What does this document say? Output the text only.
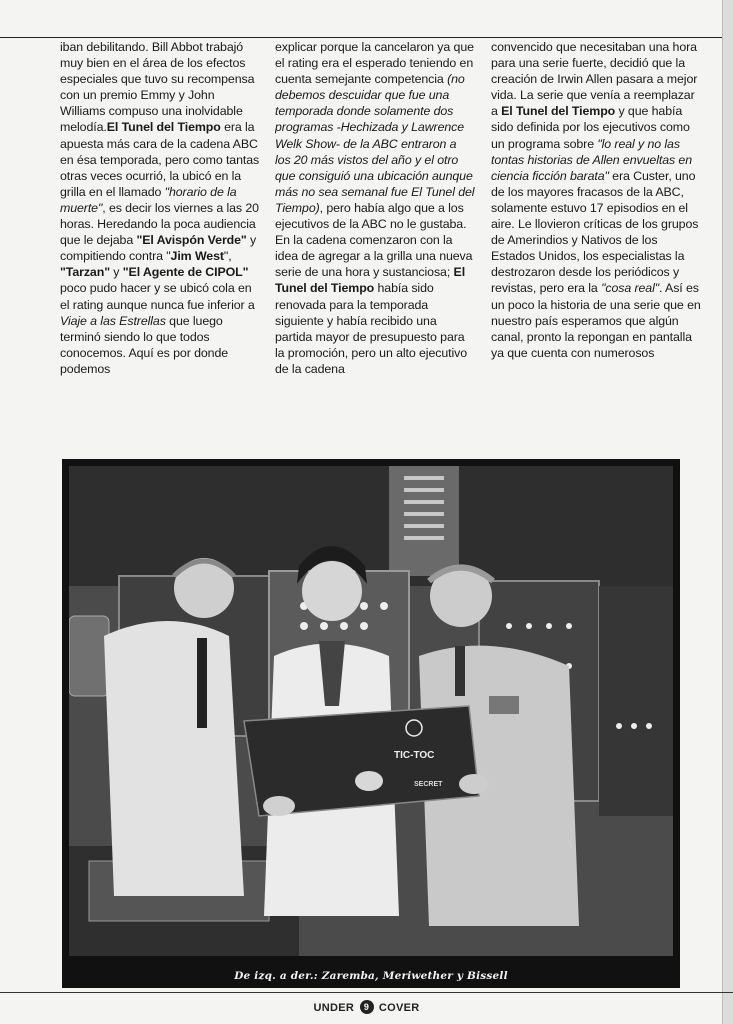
iban debilitando. Bill Abbot trabajó muy bien en el área de los efectos especiales que tuvo su recompensa con un premio Emmy y John Williams compuso una inolvidable melodía.El Tunel del Tiempo era la apuesta más cara de la cadena ABC en ésa temporada, pero como tantas otras veces ocurrió, la ubicó en la grilla en el llamado "horario de la muerte", es decir los viernes a las 20 horas. Heredando la poca audiencia que le dejaba "El Avispón Verde" y compitiendo contra "Jim West", "Tarzan" y "El Agente de CIPOL" poco pudo hacer y se ubicó cola en el rating aunque nunca fue inferior a Viaje a las Estrellas que luego terminó siendo lo que todos conocemos. Aquí es por donde podemos

explicar porque la cancelaron ya que el rating era el esperado teniendo en cuenta semejante competencia (no debemos descuidar que fue una temporada donde solamente dos programas -Hechizada y Lawrence Welk Show- de la ABC entraron a los 20 más vistos del año y el otro que consiguió una ubicación aunque más no sea semanal fue El Tunel del Tiempo), pero había algo que a los ejecutivos de la ABC no le gustaba. En la cadena comenzaron con la idea de agregar a la grilla una nueva serie de una hora y sustanciosa; El Tunel del Tiempo había sido renovada para la temporada siguiente y había recibido una partida mayor de presupuesto para la promoción, pero un alto ejecutivo de la cadena

convencido que necesitaban una hora para una serie fuerte, decidió que la creación de Irwin Allen pasara a mejor vida. La serie que venía a reemplazar a El Tunel del Tiempo y que había sido definida por los ejecutivos como un programa sobre "lo real y no las tontas historias de Allen envueltas en ciencia ficción barata" era Custer, uno de los mayores fracasos de la ABC, solamente estuvo 17 episodios en el aire. Le llovieron críticas de los grupos de Amerindios y Nativos de los Estados Unidos, los especialistas la destrozaron desde los periódicos y revistas, pero era la "cosa real". Así es un poco la historia de una serie que en nuestro país esperamos que algún canal, pronto la repongan en pantalla ya que cuenta con numerosos

TIC-TOC
SECRET
De izq. a der.: Zaremba, Meriwether y Bissell
UNDER 9 COVER
